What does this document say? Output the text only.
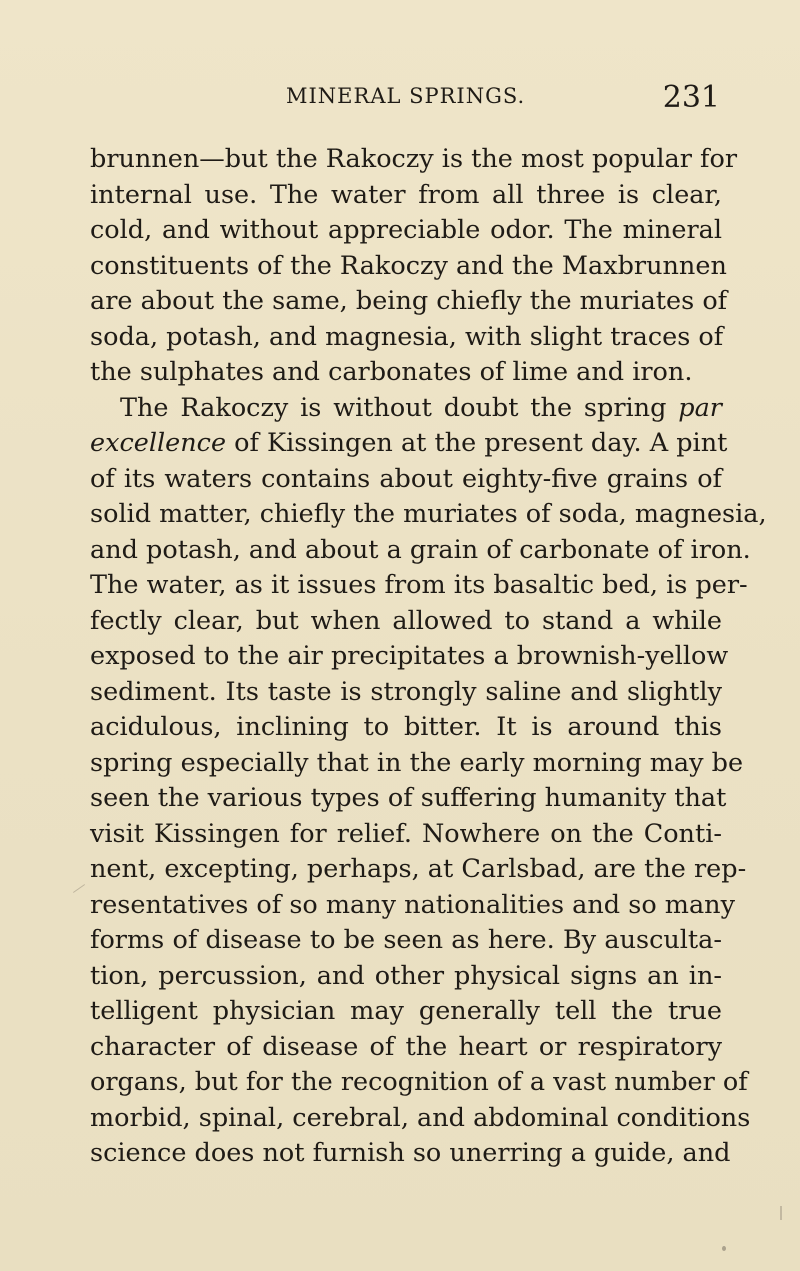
MINERAL SPRINGS.	231
brunnen—but the Rakoczy is the most popular for
internal use. The water from all three is clear,
cold, and without appreciable odor. The mineral
constituents of the Rakoczy and the Maxbrunnen
are about the same, being chiefly the muriates of
soda, potash, and magnesia, with slight traces of
the sulphates and carbonates of lime and iron.
The Rakoczy is without doubt the spring par
excellence of Kissingen at the present day. A pint
of its waters contains about eighty-five grains of
solid matter, chiefly the muriates of soda, magnesia,
and potash, and about a grain of carbonate of iron.
The water, as it issues from its basaltic bed, is per-
fectly clear, but when allowed to stand a while
exposed to the air precipitates a brownish-yellow
sediment. Its taste is strongly saline and slightly
acidulous, inclining to bitter. It is around this
spring especially that in the early morning may be
seen the various types of suffering humanity that
visit Kissingen for relief. Nowhere on the Conti-
nent, excepting, perhaps, at Carlsbad, are the rep-
resentatives of so many nationalities and so many
forms of disease to be seen as here. By ausculta-
tion, percussion, and other physical signs an in-
telligent physician may generally tell the true
character of disease of the heart or respiratory
organs, but for the recognition of a vast number of
morbid, spinal, cerebral, and abdominal conditions
science does not furnish so unerring a guide, and
